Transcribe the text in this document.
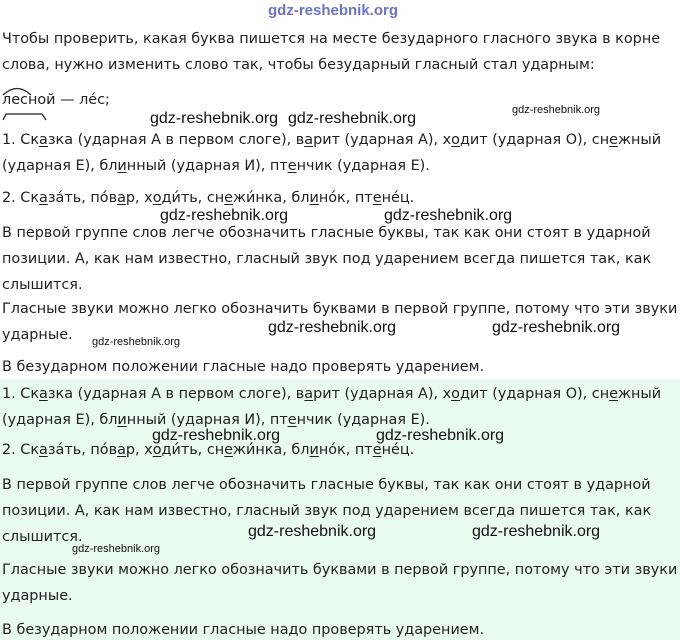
gdz-reshebnik.org
Чтобы проверить, какая буква пишется на месте безударного гласного звука в корне
слова, нужно изменить слово так, чтобы безударный гласный стал ударным:
лесной — ле́с;
1. Сказка (ударная А в первом слоге), варит (ударная А), ходит (ударная О), снежный
(ударная Е), блинный (ударная И), птенчик (ударная Е).
2. Сказа́ть, по́вар, ходи́ть, снежи́нка, блино́к, птене́ц.
В первой группе слов легче обозначить гласные буквы, так как они стоят в ударной
позиции. А, как нам известно, гласный звук под ударением всегда пишется так, как
слышится.
Гласные звуки можно легко обозначить буквами в первой группе, потому что эти звуки
ударные.
В безударном положении гласные надо проверять ударением.
1. Сказка (ударная А в первом слоге), варит (ударная А), ходит (ударная О), снежный
(ударная Е), блинный (ударная И), птенчик (ударная Е).
2. Сказа́ть, по́вар, ходи́ть, снежи́нка, блино́к, птене́ц.
В первой группе слов легче обозначить гласные буквы, так как они стоят в ударной
позиции. А, как нам известно, гласный звук под ударением всегда пишется так, как
слышится.
Гласные звуки можно легко обозначить буквами в первой группе, потому что эти звуки
ударные.
В безударном положении гласные надо проверять ударением.
gdz-reshebnik.org gdz-reshebnik.org	gdz-reshebnik.org
gdz-reshebnik.org	gdz-reshebnik.org
gdz-reshebnik.org	gdz-reshebnik.org
gdz-reshebnik.org
gdz-reshebnik.org	gdz-reshebnik.org
gdz-reshebnik.org	gdz-reshebnik.org
gdz-reshebnik.org
